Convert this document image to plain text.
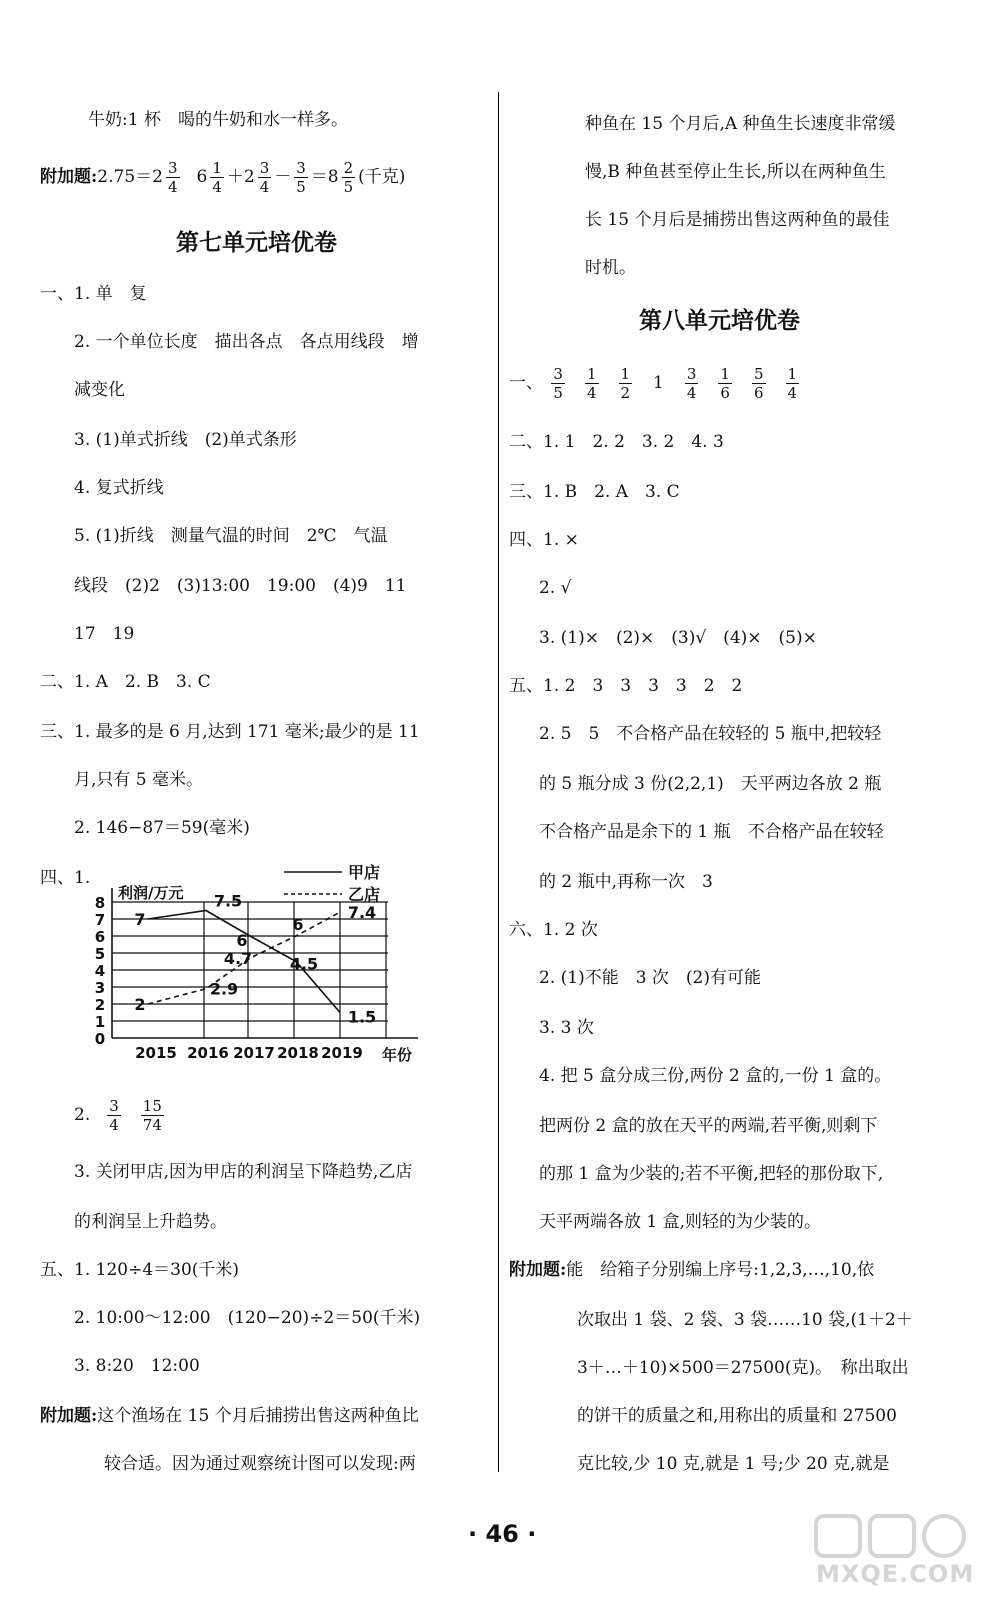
牛奶:1 杯　喝的牛奶和水一样多。
附加题:2.75＝2 $\frac{3}{4} 6 \frac{1}{4} +2 \frac{3}{4} - \frac{3}{5} =8 \frac{2}{5}$ (千克)
第七单元培优卷
一、1. 单　复
2. 一个单位长度　描出各点　各点用线段　增
减变化
3. (1)单式折线　(2)单式条形
4. 复式折线
5. (1)折线　测量气温的时间　2℃　气温
线段　(2)2　(3)13:00　19:00　(4)9　11
17　19
二、1. A　2. B　3. C
三、1. 最多的是 6 月,达到 171 毫米;最少的是 11
月,只有 5 毫米。
2. 146−87＝59(毫米)
四、1.
0
1
2
3
4
5
6
7
8
2015 2016 2017 2018 2019
利润/万元
年份
甲店
乙店
7
7.5
6
4.5
1.5
2
2.9
4.7
6
7.4
2. $\frac{3}{4} \frac{15}{74}$
3. 关闭甲店,因为甲店的利润呈下降趋势,乙店
的利润呈上升趋势。
五、1. 120÷4＝30(千米)
2. 10:00～12:00　(120−20)÷2＝50(千米)
3. 8:20　12:00
附加题:这个渔场在 15 个月后捕捞出售这两种鱼比
较合适。因为通过观察统计图可以发现:两
种鱼在 15 个月后,A 种鱼生长速度非常缓
慢,B 种鱼甚至停止生长,所以在两种鱼生
长 15 个月后是捕捞出售这两种鱼的最佳
时机。
第八单元培优卷
一、 $\frac{3}{5} \frac{1}{4} \frac{1}{2} 1 \frac{3}{4} \frac{1}{6} \frac{5}{6} \frac{1}{4}$
二、1. 1　2. 2　3. 2　4. 3
三、1. B　2. A　3. C
四、1. ×
2. √
3. (1)×　(2)×　(3)√　(4)×　(5)×
五、1. 2　3　3　3　3　2　2
2. 5　5　不合格产品在较轻的 5 瓶中,把较轻
的 5 瓶分成 3 份(2,2,1)　天平两边各放 2 瓶
不合格产品是余下的 1 瓶　不合格产品在较轻
的 2 瓶中,再称一次　3
六、1. 2 次
2. (1)不能　3 次　(2)有可能
3. 3 次
4. 把 5 盒分成三份,两份 2 盒的,一份 1 盒的。
把两份 2 盒的放在天平的两端,若平衡,则剩下
的那 1 盒为少装的;若不平衡,把轻的那份取下,
天平两端各放 1 盒,则轻的为少装的。
附加题:能　给箱子分别编上序号:1,2,3,…,10,依
次取出 1 袋、2 袋、3 袋……10 袋,(1＋2＋
3＋…＋10)×500＝27500(克)。　称出取出
的饼干的质量之和,用称出的质量和 27500
克比较,少 10 克,就是 1 号;少 20 克,就是
· 46 ·
MXQE.COM
